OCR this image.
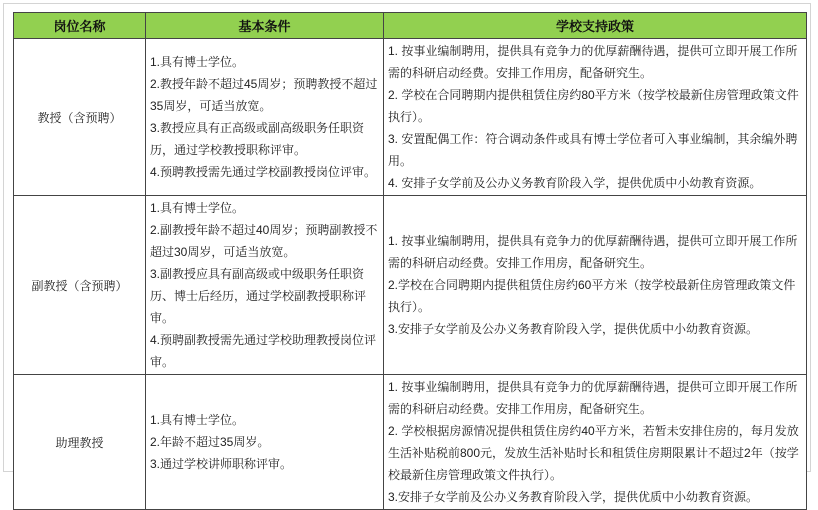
岗位名称	基本条件	学校支持政策
教授（含预聘）	
1.具有博士学位。
2.教授年龄不超过45周岁；预聘教授不超过35周岁，可适当放宽。
3.教授应具有正高级或副高级职务任职资历，通过学校教授职称评审。
4.预聘教授需先通过学校副教授岗位评审。

1. 按事业编制聘用，提供具有竞争力的优厚薪酬待遇，提供可立即开展工作所需的科研启动经费。安排工作用房，配备研究生。
2. 学校在合同聘期内提供租赁住房约80平方米（按学校最新住房管理政策文件执行）。
3. 安置配偶工作：符合调动条件或具有博士学位者可入事业编制，其余编外聘用。
4. 安排子女学前及公办义务教育阶段入学，提供优质中小幼教育资源。

副教授（含预聘）	
1.具有博士学位。
2.副教授年龄不超过40周岁；预聘副教授不超过30周岁，可适当放宽。
3.副教授应具有副高级或中级职务任职资历、博士后经历，通过学校副教授职称评审。
4.预聘副教授需先通过学校助理教授岗位评审。

1. 按事业编制聘用，提供具有竞争力的优厚薪酬待遇，提供可立即开展工作所需的科研启动经费。安排工作用房，配备研究生。
2.学校在合同聘期内提供租赁住房约60平方米（按学校最新住房管理政策文件执行）。
3.安排子女学前及公办义务教育阶段入学，提供优质中小幼教育资源。

助理教授	
1.具有博士学位。
2.年龄不超过35周岁。
3.通过学校讲师职称评审。

1. 按事业编制聘用，提供具有竞争力的优厚薪酬待遇，提供可立即开展工作所需的科研启动经费。安排工作用房，配备研究生。
2. 学校根据房源情况提供租赁住房约40平方米，若暂未安排住房的，每月发放生活补贴税前800元，发放生活补贴时长和租赁住房期限累计不超过2年（按学校最新住房管理政策文件执行）。
3.安排子女学前及公办义务教育阶段入学，提供优质中小幼教育资源。
